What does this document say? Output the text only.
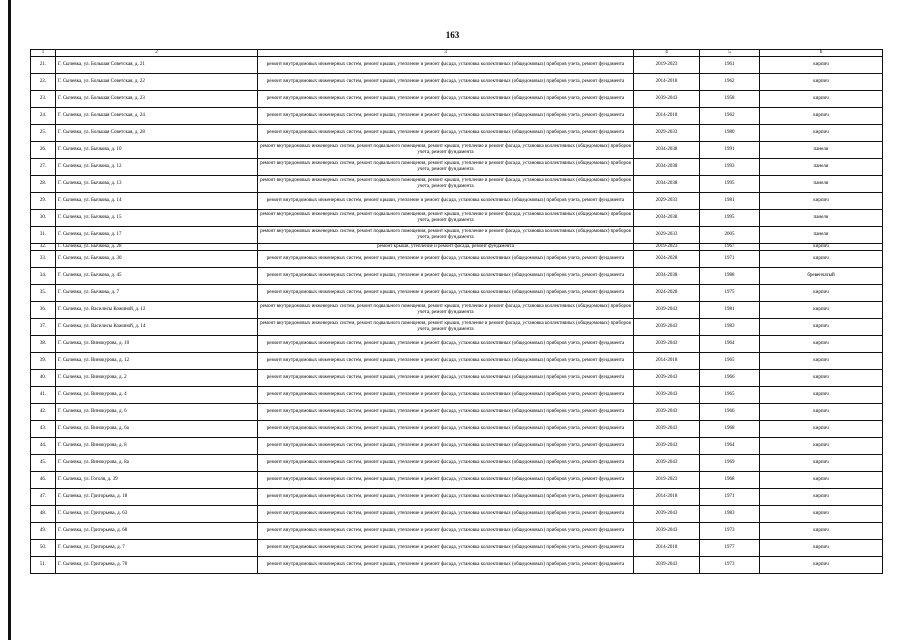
163
1	2	3	4	5	6
21.	Г. Сычевка, ул. Большая Советская, д. 21	ремонт внутридомовых инженерных систем, ремонт крыши, утепление и ремонт фасада, установка коллективных (общедомовых) приборов учета, ремонт фундамента	2019-2023	1961	кирпич
22.	Г. Сычевка, ул. Большая Советская, д. 22	ремонт внутридомовых инженерных систем, ремонт крыши, утепление и ремонт фасада, установка коллективных (общедомовых) приборов учета, ремонт фундамента	2014-2018	1962	кирпич
23.	Г. Сычевка, ул. Большая Советская, д. 23	ремонт внутридомовых инженерных систем, ремонт крыши, утепление и ремонт фасада, установка коллективных (общедомовых) приборов учета, ремонт фундамента	2039-2043	1958	кирпич
24.	Г. Сычевка, ул. Большая Советская, д. 24	ремонт внутридомовых инженерных систем, ремонт крыши, утепление и ремонт фасада, установка коллективных (общедомовых) приборов учета, ремонт фундамента	2014-2018	1962	кирпич
25.	Г. Сычевка, ул. Большая Советская, д. 28	ремонт внутридомовых инженерных систем, ремонт крыши, утепление и ремонт фасада, установка коллективных (общедомовых) приборов учета, ремонт фундамента	2029-2033	1980	кирпич
26.	Г. Сычевка, ул. Бычкова, д. 10	ремонт внутридомовых инженерных систем, ремонт подвального помещения, ремонт крыши, утепление и ремонт фасада, установка коллективных (общедомовых) приборов учета, ремонт фундамента	2034-2038	1991	панели
27.	Г. Сычевка, ул. Бычкова, д. 12	ремонт внутридомовых инженерных систем, ремонт подвального помещения, ремонт крыши, утепление и ремонт фасада, установка коллективных (общедомовых) приборов учета, ремонт фундамента	2034-2038	1993	панели
28.	Г. Сычевка, ул. Бычкова, д. 13	ремонт внутридомовых инженерных систем, ремонт подвального помещения, ремонт крыши, утепление и ремонт фасада, установка коллективных (общедомовых) приборов учета, ремонт фундамента	2034-2038	1995	панели
29.	Г. Сычевка, ул. Бычкова, д. 14	ремонт внутридомовых инженерных систем, ремонт крыши, утепление и ремонт фасада, установка коллективных (общедомовых) приборов учета, ремонт фундамента	2029-2033	1981	кирпич
30.	Г. Сычевка, ул. Бычкова, д. 15	ремонт внутридомовых инженерных систем, ремонт подвального помещения, ремонт крыши, утепление и ремонт фасада, установка коллективных (общедомовых) приборов учета, ремонт фундамента	2034-2038	1995	панели
31.	Г. Сычевка, ул. Бычкова, д. 17	ремонт внутридомовых инженерных систем, ремонт подвального помещения, ремонт крыши, утепление и ремонт фасада, установка коллективных (общедомовых) приборов учета, ремонт фундамента	2029-2033	2005	панели
32.	Г. Сычевка, ул. Бычкова, д. 28	ремонт крыши, утепление и ремонт фасада, ремонт фундамента	2019-2023	1967	кирпич
33.	Г. Сычевка, ул. Бычкова, д. 30	ремонт внутридомовых инженерных систем, ремонт крыши, утепление и ремонт фасада, установка коллективных (общедомовых) приборов учета, ремонт фундамента	2024-2028	1971	кирпич
34.	Г. Сычевка, ул. Бычкова, д. 45	ремонт внутридомовых инженерных систем, ремонт крыши, утепление и ремонт фасада, установка коллективных (общедомовых) приборов учета, ремонт фундамента	2034-2038	1988	бревенчатый
35.	Г. Сычевка, ул. Бычкова, д. 7	ремонт внутридомовых инженерных систем, ремонт крыши, утепление и ремонт фасада, установка коллективных (общедомовых) приборов учета, ремонт фундамента	2024-2028	1975	кирпич
36.	Г. Сычевка, ул. Василисы Кожиной, д. 12	ремонт внутридомовых инженерных систем, ремонт подвального помещения, ремонт крыши, утепление и ремонт фасада, установка коллективных (общедомовых) приборов учета, ремонт фундамента	2039-2043	1981	кирпич
37.	Г. Сычевка, ул. Василисы Кожиной, д. 14	ремонт внутридомовых инженерных систем, ремонт подвального помещения, ремонт крыши, утепление и ремонт фасада, установка коллективных (общедомовых) приборов учета, ремонт фундамента	2039-2043	1983	кирпич
38.	Г. Сычевка, ул. Винокурова, д. 10	ремонт внутридомовых инженерных систем, ремонт крыши, утепление и ремонт фасада, установка коллективных (общедомовых) приборов учета, ремонт фундамента	2039-2043	1964	кирпич
39.	Г. Сычевка, ул. Винокурова, д. 12	ремонт внутридомовых инженерных систем, ремонт крыши, утепление и ремонт фасада, установка коллективных (общедомовых) приборов учета, ремонт фундамента	2014-2018	1965	кирпич
40.	Г. Сычевка, ул. Винокурова, д. 2	ремонт внутридомовых инженерных систем, ремонт крыши, утепление и ремонт фасада, установка коллективных (общедомовых) приборов учета, ремонт фундамента	2039-2043	1966	кирпич
41.	Г. Сычевка, ул. Винокурова, д. 4	ремонт внутридомовых инженерных систем, ремонт крыши, утепление и ремонт фасада, установка коллективных (общедомовых) приборов учета, ремонт фундамента	2039-2043	1965	кирпич
42.	Г. Сычевка, ул. Винокурова, д. 6	ремонт внутридомовых инженерных систем, ремонт крыши, утепление и ремонт фасада, установка коллективных (общедомовых) приборов учета, ремонт фундамента	2039-2043	1966	кирпич
43.	Г. Сычевка, ул. Винокурова, д. 6а	ремонт внутридомовых инженерных систем, ремонт крыши, утепление и ремонт фасада, установка коллективных (общедомовых) приборов учета, ремонт фундамента	2039-2043	1968	кирпич
44.	Г. Сычевка, ул. Винокурова, д. 8	ремонт внутридомовых инженерных систем, ремонт крыши, утепление и ремонт фасада, установка коллективных (общедомовых) приборов учета, ремонт фундамента	2039-2043	1964	кирпич
45.	Г. Сычевка, ул. Винокурова, д. 8а	ремонт внутридомовых инженерных систем, ремонт крыши, утепление и ремонт фасада, установка коллективных (общедомовых) приборов учета, ремонт фундамента	2039-2043	1969	кирпич
46.	Г. Сычевка, ул. Гоголя, д. 39	ремонт внутридомовых инженерных систем, ремонт крыши, утепление и ремонт фасада, установка коллективных (общедомовых) приборов учета, ремонт фундамента	2019-2023	1968	кирпич
47.	Г. Сычевка, ул. Григорьева, д. 18	ремонт внутридомовых инженерных систем, ремонт крыши, утепление и ремонт фасада, установка коллективных (общедомовых) приборов учета, ремонт фундамента	2014-2018	1971	кирпич
48.	Г. Сычевка, ул. Григорьева, д. 63	ремонт внутридомовых инженерных систем, ремонт крыши, утепление и ремонт фасада, установка коллективных (общедомовых) приборов учета, ремонт фундамента	2039-2043	1983	кирпич
49.	Г. Сычевка, ул. Григорьева, д. 68	ремонт внутридомовых инженерных систем, ремонт крыши, утепление и ремонт фасада, установка коллективных (общедомовых) приборов учета, ремонт фундамента	2039-2043	1973	кирпич
50.	Г. Сычевка, ул. Григорьева, д. 7	ремонт внутридомовых инженерных систем, ремонт крыши, утепление и ремонт фасада, установка коллективных (общедомовых) приборов учета, ремонт фундамента	2014-2018	1977	кирпич
51.	Г. Сычевка, ул. Григорьева, д. 70	ремонт внутридомовых инженерных систем, ремонт крыши, утепление и ремонт фасада, установка коллективных (общедомовых) приборов учета, ремонт фундамента	2039-2043	1973	кирпич
